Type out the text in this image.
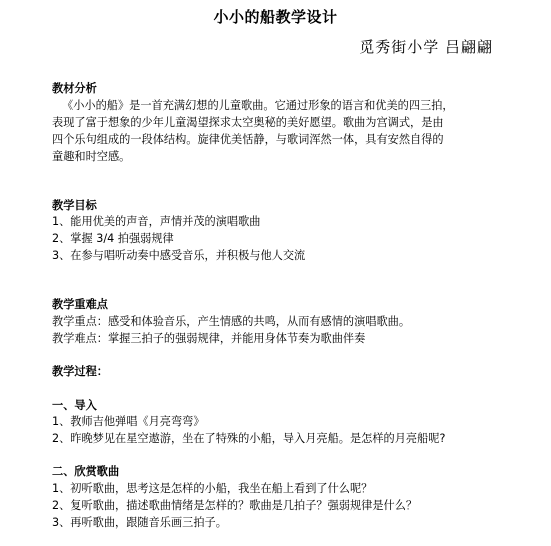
小小的船教学设计
觅秀街小学 吕翩翩
教材分析
《小小的船》是一首充满幻想的儿童歌曲。它通过形象的语言和优美的四三拍，
表现了富于想象的少年儿童渴望探求太空奥秘的美好愿望。歌曲为宫调式，是由
四个乐句组成的一段体结构。旋律优美恬静，与歌词浑然一体，具有安然自得的
童趣和时空感。
教学目标
1、能用优美的声音，声情并茂的演唱歌曲
2、掌握 3/4 拍强弱规律
3、在参与唱听动奏中感受音乐，并积极与他人交流
教学重难点
教学重点：感受和体验音乐，产生情感的共鸣，从而有感情的演唱歌曲。
教学难点：掌握三拍子的强弱规律，并能用身体节奏为歌曲伴奏
教学过程：
一、导入
1、教师吉他弹唱《月亮弯弯》
2、昨晚梦见在星空遨游，坐在了特殊的小船，导入月亮船。是怎样的月亮船呢?
二、欣赏歌曲
1、初听歌曲，思考这是怎样的小船，我坐在船上看到了什么呢？
2、复听歌曲，描述歌曲情绪是怎样的？歌曲是几拍子？强弱规律是什么？
3、再听歌曲，跟随音乐画三拍子。
